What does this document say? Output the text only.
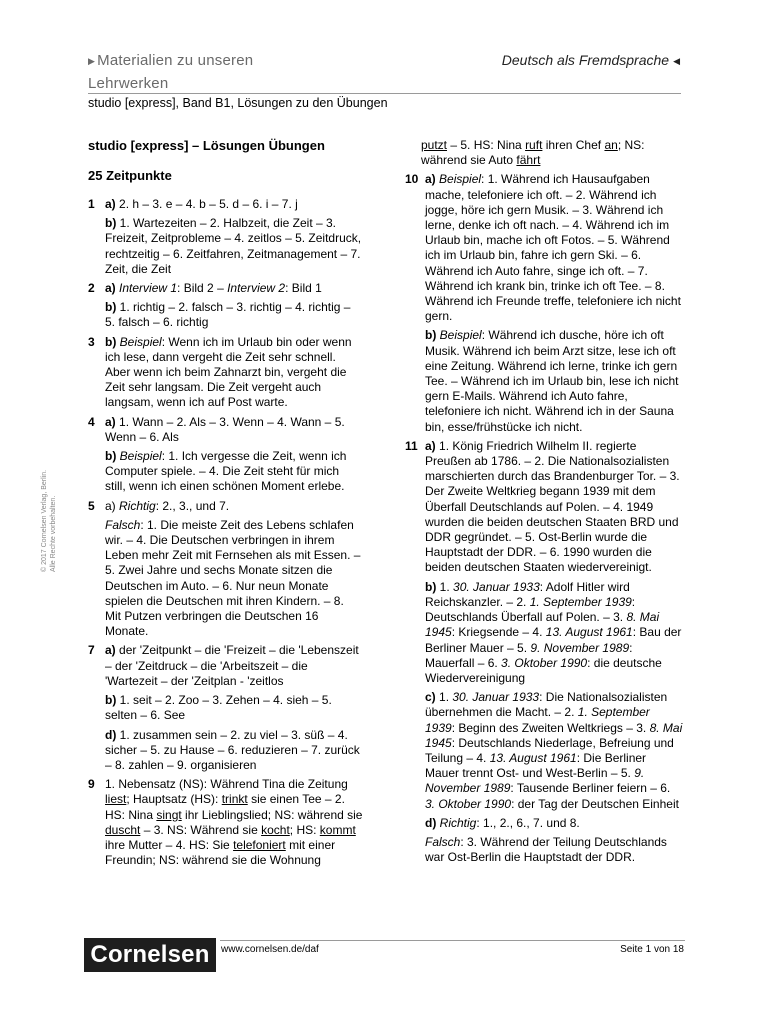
▶ Materialien zu unseren
Lehrwerken
Deutsch als Fremdsprache ◀
studio [express], Band B1, Lösungen zu den Übungen
© 2017 Cornelsen Verlag, Berlin. Alle Rechte vorbehalten.
studio [express] – Lösungen Übungen
25 Zeitpunkte
1 a) 2. h – 3. e – 4. b – 5. d – 6. i – 7. j
b) 1. Wartezeiten – 2. Halbzeit, die Zeit – 3. Freizeit, Zeitprobleme – 4. zeitlos – 5. Zeitdruck, rechtzeitig – 6. Zeitfahren, Zeitmanagement – 7. Zeit, die Zeit
2 a) Interview 1: Bild 2 – Interview 2: Bild 1
b) 1. richtig – 2. falsch – 3. richtig – 4. richtig – 5. falsch – 6. richtig
3 b) Beispiel: Wenn ich im Urlaub bin oder wenn ich lese, dann vergeht die Zeit sehr schnell. Aber wenn ich beim Zahnarzt bin, vergeht die Zeit sehr langsam. Die Zeit vergeht auch langsam, wenn ich auf Post warte.
4 a) 1. Wann – 2. Als – 3. Wenn – 4. Wann – 5. Wenn – 6. Als
b) Beispiel: 1. Ich vergesse die Zeit, wenn ich Computer spiele. – 4. Die Zeit steht für mich still, wenn ich einen schönen Moment erlebe.
5 a) Richtig: 2., 3., und 7.
Falsch: 1. Die meiste Zeit des Lebens schlafen wir. – 4. Die Deutschen verbringen in ihrem Leben mehr Zeit mit Fernsehen als mit Essen. – 5. Zwei Jahre und sechs Monate sitzen die Deutschen im Auto. – 6. Nur neun Monate spielen die Deutschen mit ihren Kindern. – 8. Mit Putzen verbringen die Deutschen 16 Monate.
7 a) der 'Zeitpunkt – die 'Freizeit – die 'Lebenszeit – der 'Zeitdruck – die 'Arbeitszeit – die 'Wartezeit – der 'Zeitplan - 'zeitlos
b) 1. seit – 2. Zoo – 3. Zehen – 4. sieh – 5. selten – 6. See
d) 1. zusammen sein – 2. zu viel – 3. süß – 4. sicher – 5. zu Hause – 6. reduzieren – 7. zurück – 8. zahlen – 9. organisieren
9 1. Nebensatz (NS): Während Tina die Zeitung liest; Hauptsatz (HS): trinkt sie einen Tee – 2. HS: Nina singt ihr Lieblingslied; NS: während sie duscht – 3. NS: Während sie kocht; HS: kommt ihre Mutter – 4. HS: Sie telefoniert mit einer Freundin; NS: während sie die Wohnung
putzt – 5. HS: Nina ruft ihren Chef an; NS: während sie Auto fährt
10 a) Beispiel: 1. Während ich Hausaufgaben mache, telefoniere ich oft. – 2. Während ich jogge, höre ich gern Musik. – 3. Während ich lerne, denke ich oft nach. – 4. Während ich im Urlaub bin, mache ich oft Fotos. – 5. Während ich im Urlaub bin, fahre ich gern Ski. – 6. Während ich Auto fahre, singe ich oft. – 7. Während ich krank bin, trinke ich oft Tee. – 8. Während ich Freunde treffe, telefoniere ich nicht gern.
b) Beispiel: Während ich dusche, höre ich oft Musik. Während ich beim Arzt sitze, lese ich oft eine Zeitung. Während ich lerne, trinke ich gern Tee. – Während ich im Urlaub bin, lese ich nicht gern E-Mails. Während ich Auto fahre, telefoniere ich nicht. Während ich in der Sauna bin, esse/frühstücke ich nicht.
11 a) 1. König Friedrich Wilhelm II. regierte Preußen ab 1786. – 2. Die Nationalsozialisten marschierten durch das Brandenburger Tor. – 3. Der Zweite Weltkrieg begann 1939 mit dem Überfall Deutschlands auf Polen. – 4. 1949 wurden die beiden deutschen Staaten BRD und DDR gegründet. – 5. Ost-Berlin wurde die Hauptstadt der DDR. – 6. 1990 wurden die beiden deutschen Staaten wiedervereinigt.
b) 1. 30. Januar 1933: Adolf Hitler wird Reichskanzler. – 2. 1. September 1939: Deutschlands Überfall auf Polen. – 3. 8. Mai 1945: Kriegsende – 4. 13. August 1961: Bau der Berliner Mauer – 5. 9. November 1989: Mauerfall – 6. 3. Oktober 1990: die deutsche Wiedervereinigung
c) 1. 30. Januar 1933: Die Nationalsozialisten übernehmen die Macht. – 2. 1. September 1939: Beginn des Zweiten Weltkriegs – 3. 8. Mai 1945: Deutschlands Niederlage, Befreiung und Teilung – 4. 13. August 1961: Die Berliner Mauer trennt Ost- und West-Berlin – 5. 9. November 1989: Tausende Berliner feiern – 6. 3. Oktober 1990: der Tag der Deutschen Einheit
d) Richtig: 1., 2., 6., 7. und 8.
Falsch: 3. Während der Teilung Deutschlands war Ost-Berlin die Hauptstadt der DDR.
Cornelsen	www.cornelsen.de/daf	Seite 1 von 18
